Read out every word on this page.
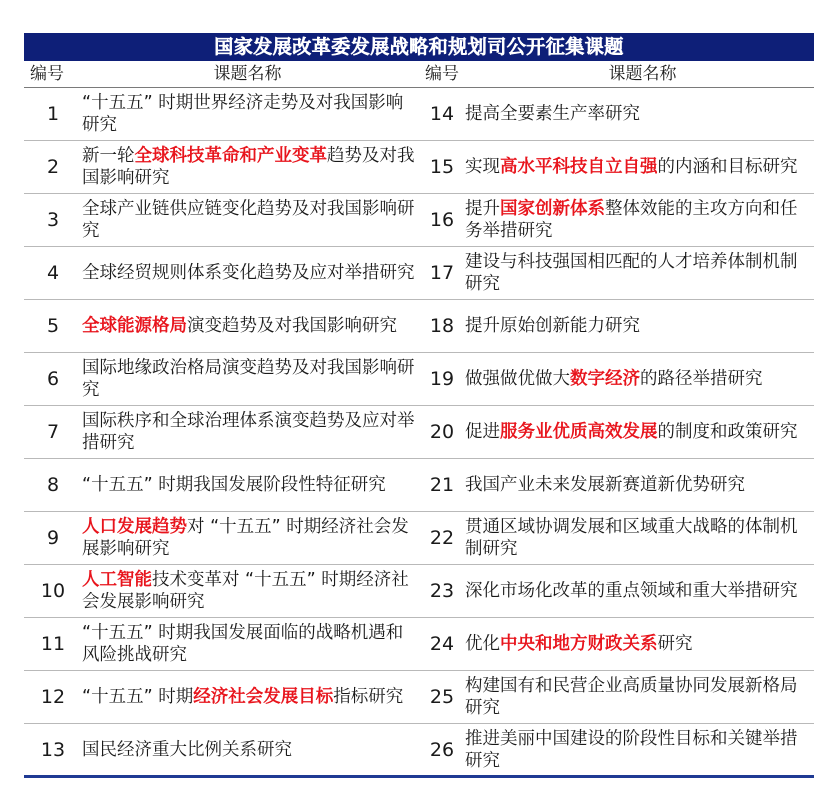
国家发展改革委发展战略和规划司公开征集课题
编号	课题名称	编号	课题名称
1	“十五五” 时期世界经济走势及对我国影响研究	14 提高全要素生产率研究
2	新一轮全球科技革命和产业变革趋势及对我国影响研究	15 实现高水平科技自立自强的内涵和目标研究
3	全球产业链供应链变化趋势及对我国影响研究	16 提升国家创新体系整体效能的主攻方向和任务举措研究
4	全球经贸规则体系变化趋势及应对举措研究 17 建设与科技强国相匹配的人才培养体制机制研究
5	全球能源格局演变趋势及对我国影响研究	18 提升原始创新能力研究
6	国际地缘政治格局演变趋势及对我国影响研究	19 做强做优做大数字经济的路径举措研究
7	国际秩序和全球治理体系演变趋势及应对举措研究	20 促进服务业优质高效发展的制度和政策研究
8	“十五五” 时期我国发展阶段性特征研究	21 我国产业未来发展新赛道新优势研究
9	人口发展趋势对 “十五五” 时期经济社会发展影响研究	22 贯通区域协调发展和区域重大战略的体制机制研究
10 人工智能技术变革对 “十五五” 时期经济社会发展影响研究	23 深化市场化改革的重点领域和重大举措研究
11 “十五五” 时期我国发展面临的战略机遇和风险挑战研究	24 优化中央和地方财政关系研究
12 “十五五” 时期经济社会发展目标指标研究	25 构建国有和民营企业高质量协同发展新格局研究
13 国民经济重大比例关系研究	26 推进美丽中国建设的阶段性目标和关键举措研究
